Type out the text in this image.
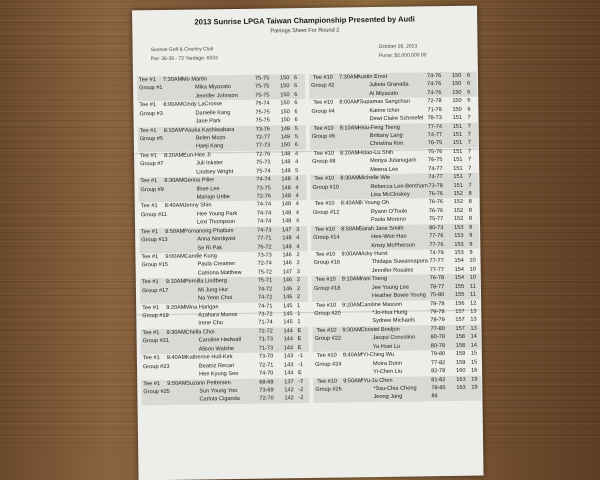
2013 Sunrise LPGA Taiwan Championship Presented by Audi
Pairings Sheet For Round 2
Sunrise Golf & Country Club
Par: 36-36 - 72 Yardage: 6533
October 26, 2013
Purse: $2,000,000.00
Tee #1 7:30AM Mo Martin	75-75 150 6
Group #1	Mika Miyazato	75-75 150 6
Jennifer Johnson	75-75 150 6
Tee #1 8:00AM Cindy LaCrosse	76-74 150 6
Group #3	Danielle Kang	75-75 150 6
Jane Park	75-75 150 6
Tee #1 8:10AM *Asuka Kashiwabara	73-76 149 5
Group #5	Belen Mozo	72-77 149 5
Haeji Kang	77-73 150 6
Tee #1 8:20AM Eun-Hee Ji	72-76 148 4
Group #7	Juli Inkster	75-73 148 4
Lindsey Wright	75-74 149 5
Tee #1 8:30AM Gerina Piller	74-74 148 4
Group #9	Ilhee Lee	73-75 148 4
Mariajo Uribe	72-76 148 4
Tee #1 8:40AM Jenny Shin	74-74 148 4
Group #11	Hee Young Park	74-74 148 4
Lexi Thompson	74-74 148 4
Tee #1 8:50AM Pornanong Phatlum	74-73 147 3
Group #13	Anna Nordqvist	77-71 148 4
Se Ri Pak	76-72 148 4
Tee #1 9:00AM Candie Kung	73-73 146 2
Group #15	Paula Creamer	72-74 146 2
Catriona Matthew	75-72 147 3
Tee #1 9:10AM Pernilla Lindberg	75-71 146 2
Group #17	Mi Jung Hur	74-72 146 2
Na Yeon Choi	74-72 146 2
Tee #1 9:20AM Mina Harigae	74-71 145 1
Group #19	Azahara Munoz	73-72 145 1
Irene Cho	71-74 145 1
Tee #1 9:30AM Chella Choi	72-72 144 E
Group #21	Caroline Hedwall	71-73 144 E
Alison Walshe	71-73 144 E
Tee #1 9:40AM Katherine Hull-Kirk	73-70 143 -1
Group #23	Beatriz Recari	72-71 143 -1
Hee Kyung Seo	74-70 144 E
Tee #1 9:50AM Suzann Pettersen	68-69 137 -7
Group #25	Sun Young Yoo	73-69 142 -2
Carlota Ciganda	72-70 142 -2
Tee #10 7:30AM
Austin Ernst	74-76 150 6
Group #2	Julieta Granada	74-76 150 6
Ai Miyazato	74-76 150 6
Tee #10 8:00AM
*Supamas Sangchan	72-78 150 6
Group #4	Karine Icher	71-79 150 6
Dewi Claire Schreefel 78-73 151 7
Tee #10 8:10AM
Hsiu-Feng Tseng	77-74 151 7
Group #6	Brittany Lang	74-77 151 7
Christina Kim	76-75 151 7
Tee #10 8:20AM
Hsiao-Lu Shih	75-76 151 7
Group #8	Moriya Jutanugarn 76-75 151 7
Meena Lee	74-77 151 7
Tee #10 8:30AM
Michelle Wie	74-77 151 7
Group #10	Rebecca Lee-Bentham 73-78 151 7
Lisa McCloskey	76-76 152 8
Tee #10 8:40AM
Ji Young Oh	76-76 152 8
Group #12	Ryann O'Toole	76-76 152 8
Paola Moreno	75-77 152 8
Tee #10 8:50AM
Sarah Jane Smith	80-73 153 9
Group #14	Hee-Won Han	77-76 153 9
Kristy McPherson	77-76 153 9
Tee #10 9:00AM
Vicky Hurst	74-79 153 9
Group #16	Thidapa Suwannapura 77-77 154 10
Jennifer Rosales	77-77 154 10
Tee #10 9:10AM
Yani Tseng	76-78 154 10
Group #18	Jee Young Lee	78-77 155 11
Heather Bowie Young 75-80 155 11
Tee #10 9:20AM
Caroline Masson	78-78 156 12
Group #20	*Jo-Hua Hung	79-78 157 13
Sydnee Michaels	78-79 157 13
Tee #10 9:30AM
Christel Boeljon	77-80 157 13
Group #22	Jacqui Concolino	80-78 158 14
Ya Huei Lu	80-78 158 14
Tee #10 9:40AM
*Yi-Ching Wu	79-80 159 15
Group #24	Moira Dunn	77-82 159 15
Yi-Chen Liu	82-78 160 16
Tee #10 9:50AM
*Yu-Ju Chen	81-82 163 19
Group #26	*Ssu-Chia Cheng	78-85 163 19
Jeong Jang	84
